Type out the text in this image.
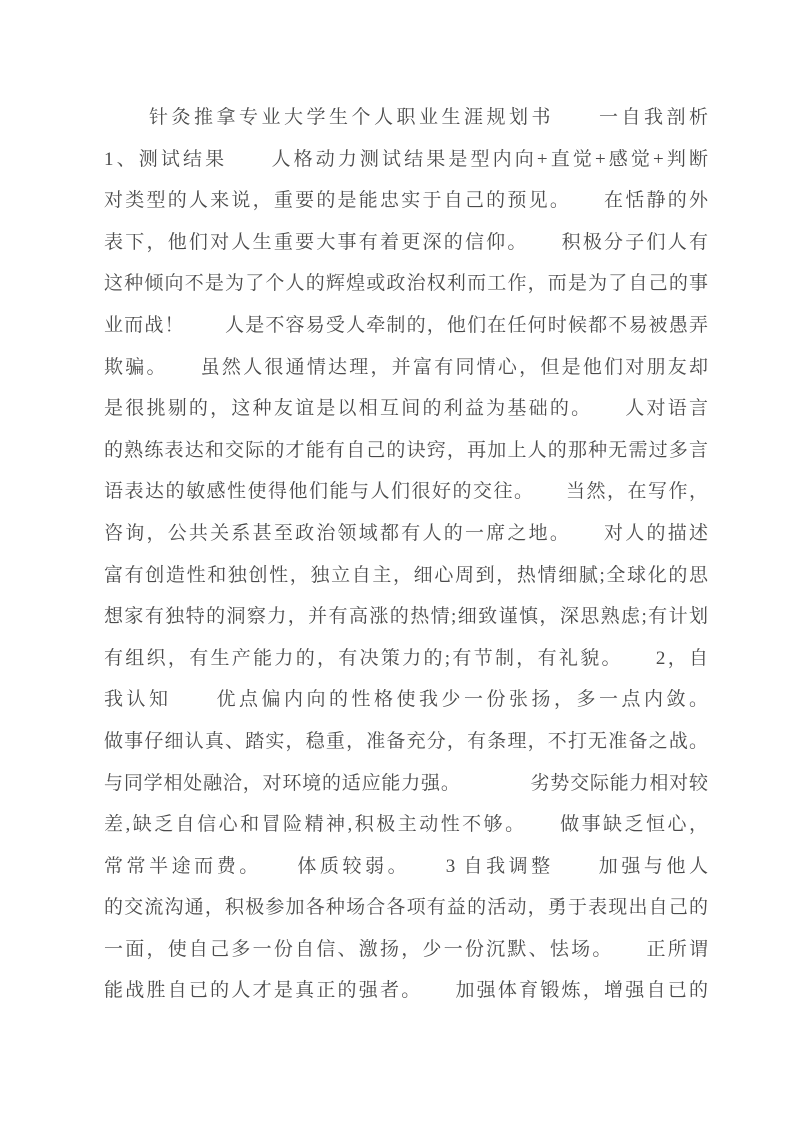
　　针灸推拿专业大学生个人职业生涯规划书　　一自我剖析
1、测试结果　　人格动力测试结果是型内向+直觉+感觉+判断
对类型的人来说，重要的是能忠实于自己的预见。　　在恬静的外
表下，他们对人生重要大事有着更深的信仰。　　积极分子们人有
这种倾向不是为了个人的辉煌或政治权利而工作，而是为了自己的事
业而战！　　人是不容易受人牵制的，他们在任何时候都不易被愚弄
欺骗。　　虽然人很通情达理，并富有同情心，但是他们对朋友却
是很挑剔的，这种友谊是以相互间的利益为基础的。　　人对语言
的熟练表达和交际的才能有自己的诀窍，再加上人的那种无需过多言
语表达的敏感性使得他们能与人们很好的交往。　　当然，在写作，
咨询，公共关系甚至政治领域都有人的一席之地。　　对人的描述
富有创造性和独创性，独立自主，细心周到，热情细腻;全球化的思
想家有独特的洞察力，并有高涨的热情;细致谨慎，深思熟虑;有计划
有组织，有生产能力的，有决策力的;有节制，有礼貌。　　2，自
我认知　　优点偏内向的性格使我少一份张扬，多一点内敛。
做事仔细认真、踏实，稳重，准备充分，有条理，不打无准备之战。
与同学相处融洽，对环境的适应能力强。　　　　劣势交际能力相对较
差,缺乏自信心和冒险精神,积极主动性不够。　　做事缺乏恒心，
常常半途而费。　　体质较弱。　　3 自我调整　　加强与他人
的交流沟通，积极参加各种场合各项有益的活动，勇于表现出自己的
一面，使自己多一份自信、激扬，少一份沉默、怯场。　　正所谓
能战胜自已的人才是真正的强者。　　加强体育锻炼，增强自已的
